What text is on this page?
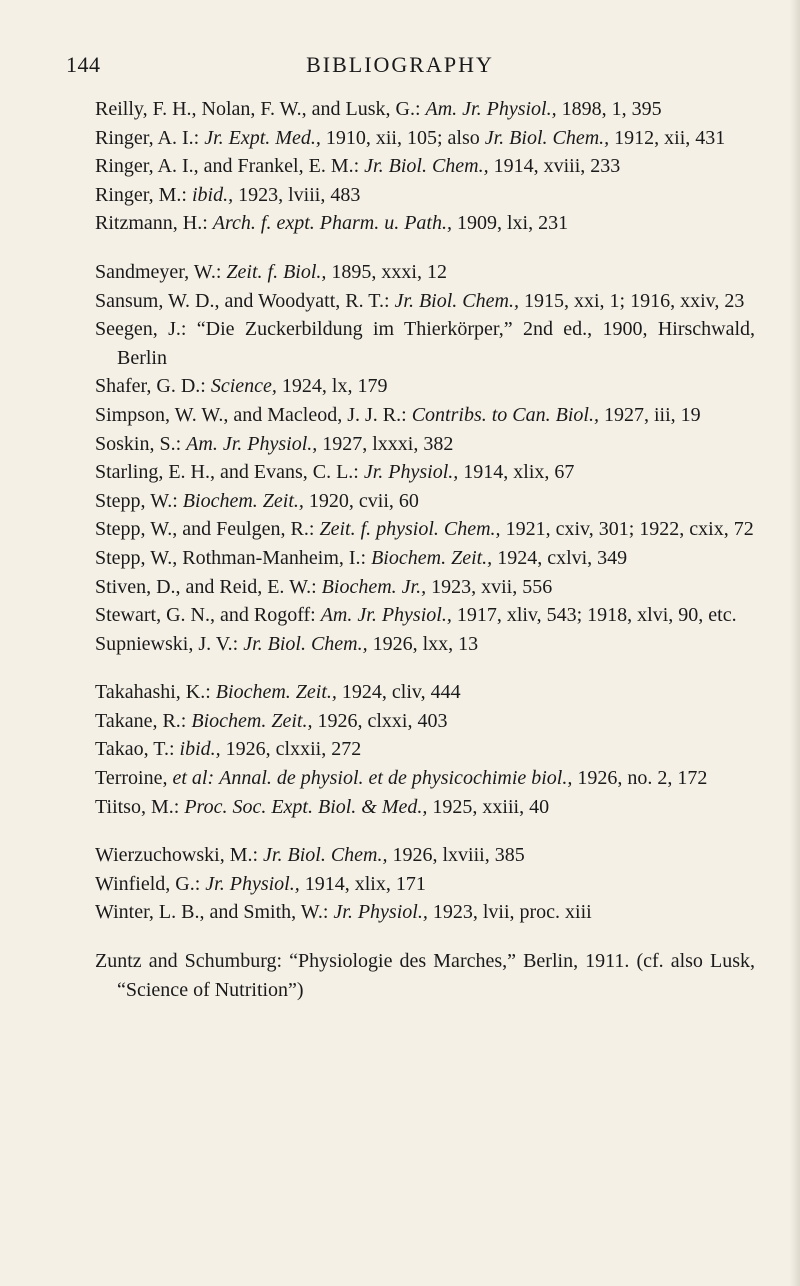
144	BIBLIOGRAPHY
Reilly, F. H., Nolan, F. W., and Lusk, G.: Am. Jr. Physiol., 1898, 1, 395
Ringer, A. I.: Jr. Expt. Med., 1910, xii, 105; also Jr. Biol. Chem., 1912, xii, 431
Ringer, A. I., and Frankel, E. M.: Jr. Biol. Chem., 1914, xviii, 233
Ringer, M.: ibid., 1923, lviii, 483
Ritzmann, H.: Arch. f. expt. Pharm. u. Path., 1909, lxi, 231
Sandmeyer, W.: Zeit. f. Biol., 1895, xxxi, 12
Sansum, W. D., and Woodyatt, R. T.: Jr. Biol. Chem., 1915, xxi, 1; 1916, xxiv, 23
Seegen, J.: “Die Zuckerbildung im Thierkörper,” 2nd ed., 1900, Hirschwald, Berlin
Shafer, G. D.: Science, 1924, lx, 179
Simpson, W. W., and Macleod, J. J. R.: Contribs. to Can. Biol., 1927, iii, 19
Soskin, S.: Am. Jr. Physiol., 1927, lxxxi, 382
Starling, E. H., and Evans, C. L.: Jr. Physiol., 1914, xlix, 67
Stepp, W.: Biochem. Zeit., 1920, cvii, 60
Stepp, W., and Feulgen, R.: Zeit. f. physiol. Chem., 1921, cxiv, 301; 1922, cxix, 72
Stepp, W., Rothman-Manheim, I.: Biochem. Zeit., 1924, cxlvi, 349
Stiven, D., and Reid, E. W.: Biochem. Jr., 1923, xvii, 556
Stewart, G. N., and Rogoff: Am. Jr. Physiol., 1917, xliv, 543; 1918, xlvi, 90, etc.
Supniewski, J. V.: Jr. Biol. Chem., 1926, lxx, 13
Takahashi, K.: Biochem. Zeit., 1924, cliv, 444
Takane, R.: Biochem. Zeit., 1926, clxxi, 403
Takao, T.: ibid., 1926, clxxii, 272
Terroine, et al: Annal. de physiol. et de physicochimie biol., 1926, no. 2, 172
Tiitso, M.: Proc. Soc. Expt. Biol. & Med., 1925, xxiii, 40
Wierzuchowski, M.: Jr. Biol. Chem., 1926, lxviii, 385
Winfield, G.: Jr. Physiol., 1914, xlix, 171
Winter, L. B., and Smith, W.: Jr. Physiol., 1923, lvii, proc. xiii
Zuntz and Schumburg: “Physiologie des Marches,” Berlin, 1911. (cf. also Lusk, “Science of Nutrition”)
